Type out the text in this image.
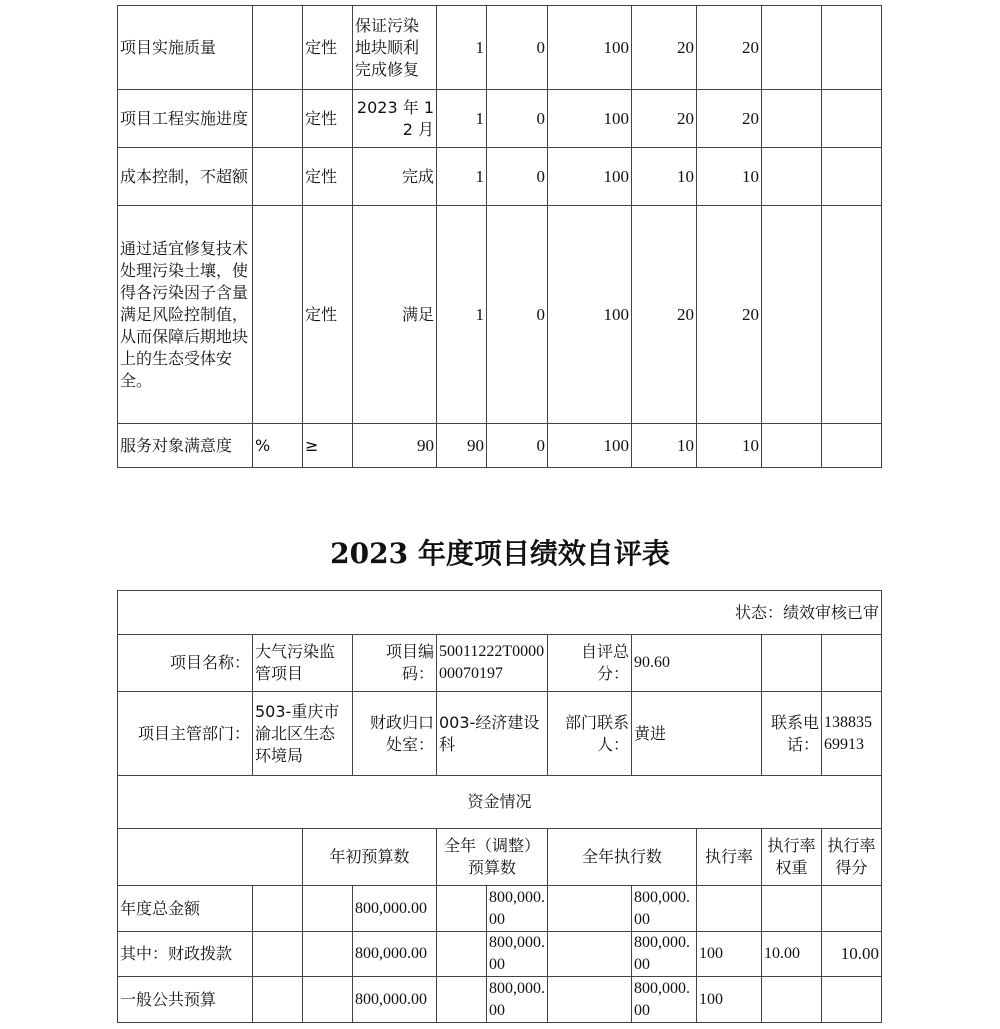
项目实施质量		定性	保证污染地块顺利完成修复	1	0	100	20	20		
项目工程实施进度		定性	2023 年 12 月	1	0	100	20	20		
成本控制，不超额		定性	完成	1	0	100	10	10		
通过适宜修复技术处理污染土壤，使得各污染因子含量满足风险控制值，从而保障后期地块上的生态受体安全。		定性	满足	1	0	100	20	20		
服务对象满意度	%	≥	90	90	0	100	10	10		
2023 年度项目绩效自评表
状态：绩效审核已审										
项目名称：	大气污染监管项目		项目编码：	50011222T000000070197		自评总分：	90.60			
项目主管部门：	503-重庆市渝北区生态环境局		财政归口处室：	003-经济建设科		部门联系人：	黄进		联系电话：	13883569913
资金情况										
		年初预算数		全年（调整）预算数		全年执行数		执行率	执行率权重	执行率得分
年度总金额			800,000.00		800,000.00		800,000.00			
其中：财政拨款			800,000.00		800,000.00		800,000.00	100	10.00	10.00
一般公共预算			800,000.00		800,000.00		800,000.00	100		
